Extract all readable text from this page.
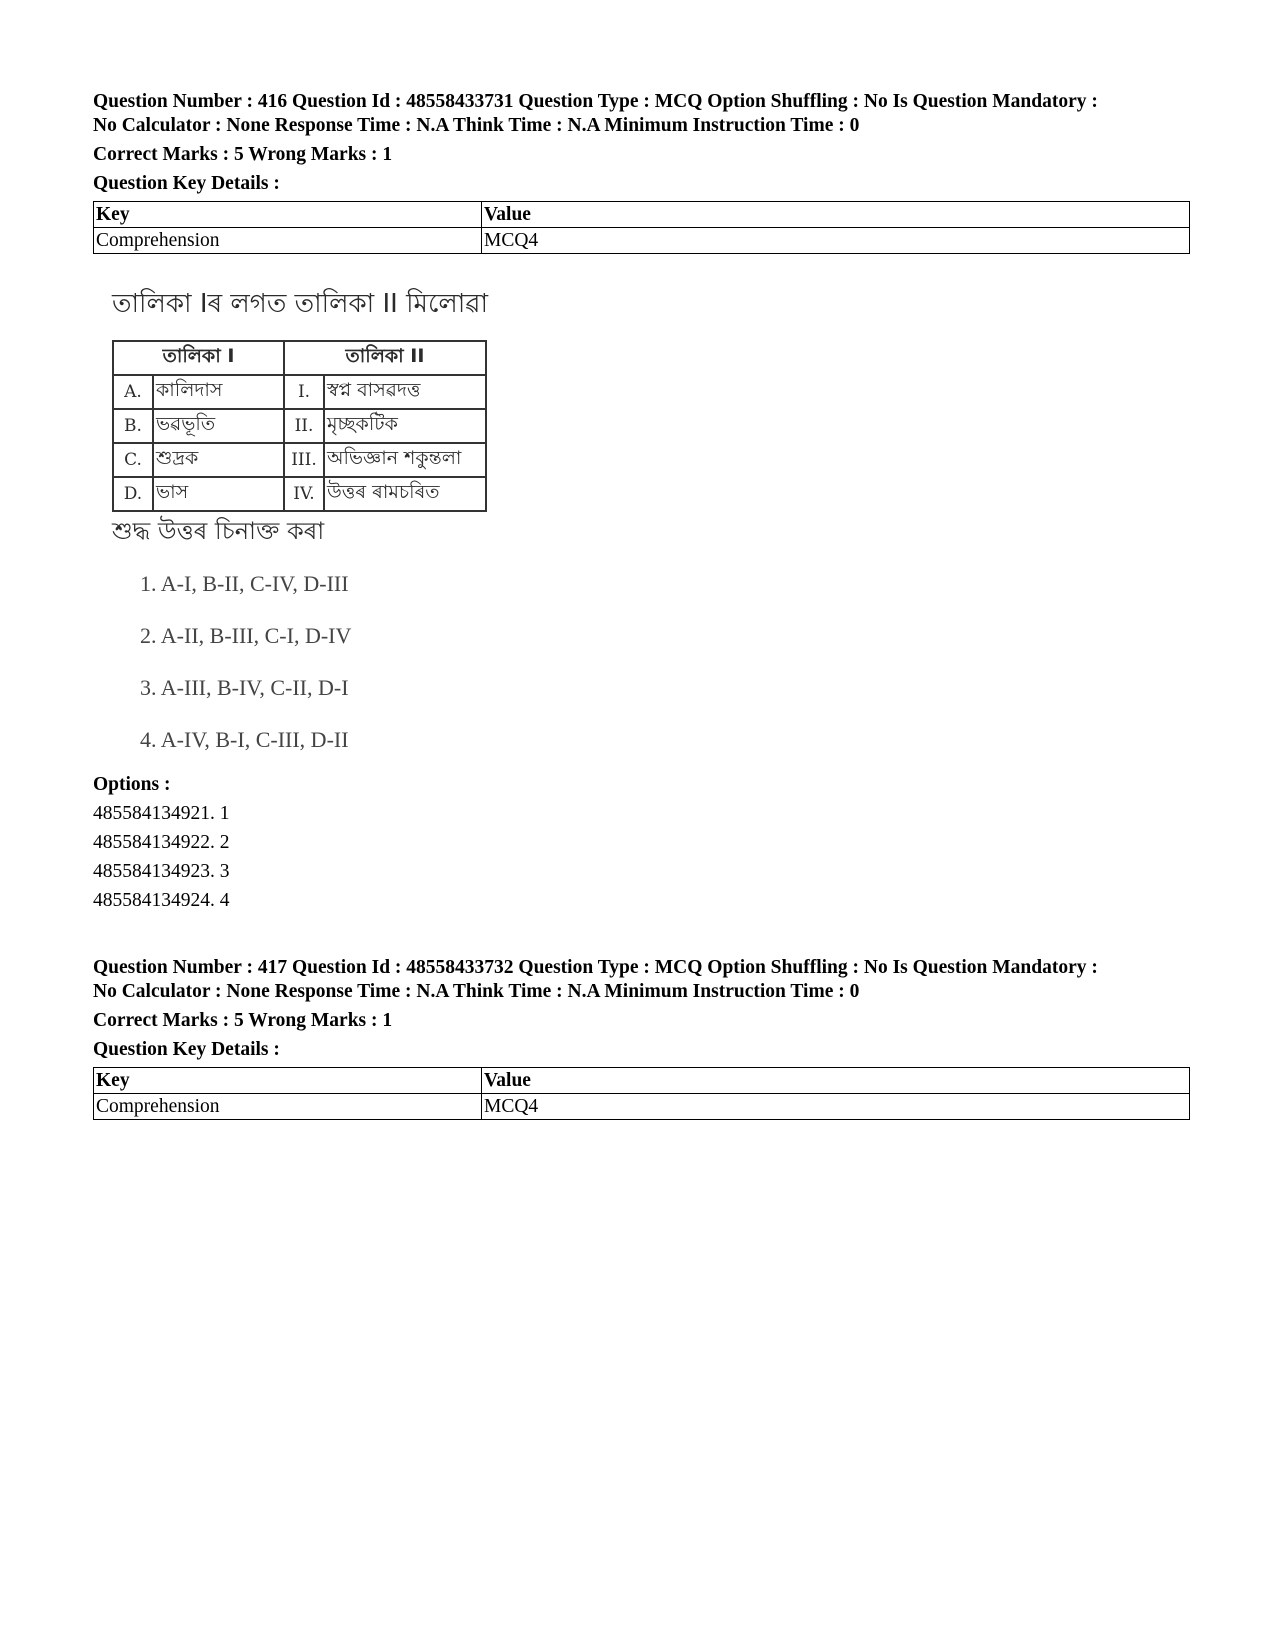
Question Number : 416 Question Id : 48558433731 Question Type : MCQ Option Shuffling : No Is Question Mandatory :
No Calculator : None Response Time : N.A Think Time : N.A Minimum Instruction Time : 0
Correct Marks : 5 Wrong Marks : 1
Question Key Details :
Key	Value
Comprehension	MCQ4
তালিকা Iৰ লগত তালিকা II মিলোৱা
তালিকা I		তালিকা II	
A.	কালিদাস	I.	স্বপ্ন বাসৱদত্ত
B.	ভৱভূতি	II.	মৃচ্ছকটিক
C.	শুদ্রক	III.	অভিজ্ঞান শকুন্তলা
D.	ভাস	IV.	উত্তৰ ৰামচৰিত
শুদ্ধ উত্তৰ চিনাক্ত কৰা
1. A-I, B-II, C-IV, D-III
2. A-II, B-III, C-I, D-IV
3. A-III, B-IV, C-II, D-I
4. A-IV, B-I, C-III, D-II
Options :
485584134921. 1
485584134922. 2
485584134923. 3
485584134924. 4
Question Number : 417 Question Id : 48558433732 Question Type : MCQ Option Shuffling : No Is Question Mandatory :
No Calculator : None Response Time : N.A Think Time : N.A Minimum Instruction Time : 0
Correct Marks : 5 Wrong Marks : 1
Question Key Details :
Key	Value
Comprehension	MCQ4
